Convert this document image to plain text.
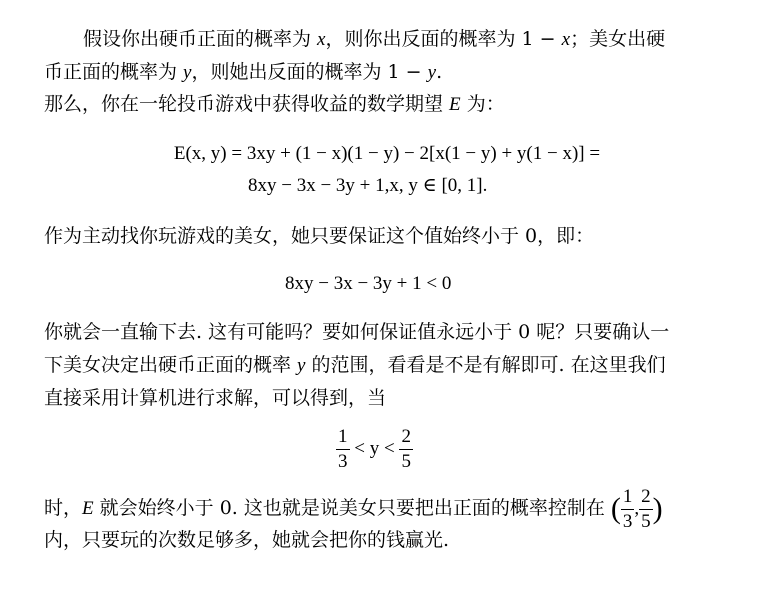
假设你出硬币正面的概率为 x，则你出反面的概率为 1 − x；美女出硬
币正面的概率为 y，则她出反面的概率为 1 − y.
那么，你在一轮投币游戏中获得收益的数学期望 E 为：
E(x, y) = 3xy + (1 − x)(1 − y) − 2[x(1 − y) + y(1 − x)] =
8xy − 3x − 3y + 1,x, y ∈ [0, 1].
作为主动找你玩游戏的美女，她只要保证这个值始终小于 0，即：
8xy − 3x − 3y + 1 < 0
你就会一直输下去. 这有可能吗？要如何保证值永远小于 0 呢？只要确认一
下美女决定出硬币正面的概率 y 的范围，看看是不是有解即可. 在这里我们
直接采用计算机进行求解，可以得到，当
$\frac{1}{3} < y < \frac{2}{5}$
时，E 就会始终小于 0. 这也就是说美女只要把出正面的概率控制在 ( $\frac{1}{3}$ , $\frac{2}{5}$ )
内，只要玩的次数足够多，她就会把你的钱赢光.
